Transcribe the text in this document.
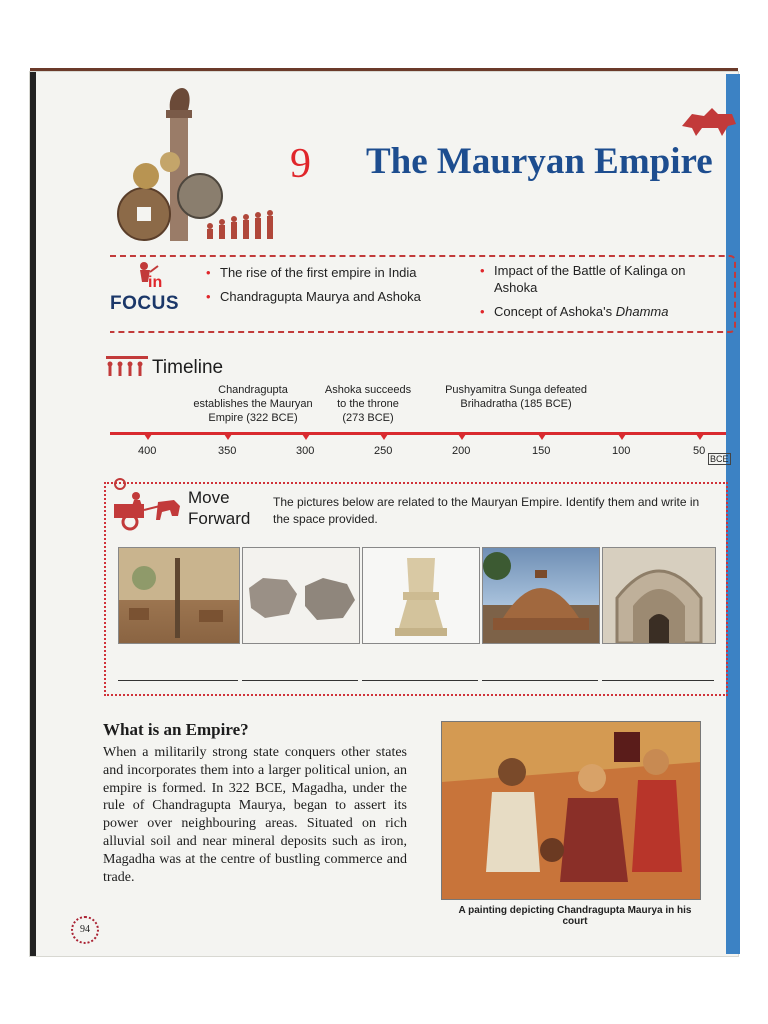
9 The Mauryan Empire
in
FOCUS
• The rise of the first empire in India
• Chandragupta Maurya and Ashoka
• Impact of the Battle of Kalinga on Ashoka
• Concept of Ashoka's Dhamma
Timeline
Chandragupta
establishes the Mauryan
Empire (322 BCE)
Ashoka succeeds
to the throne
(273 BCE)
Pushyamitra Sunga defeated
Brihadratha (185 BCE)
400	350	300	250	200	150	100	50
BCE
Move
Forward
The pictures below are related to the Mauryan Empire. Identify them and write in the space provided.
What is an Empire?
When a militarily strong state conquers other states and incorporates them into a larger political union, an empire is formed. In 322 BCE, Magadha, under the rule of Chandragupta Maurya, began to assert its power over neighbouring areas. Situated on rich alluvial soil and near mineral deposits such as iron, Magadha was at the centre of bustling commerce and trade.
A painting depicting Chandragupta Maurya in his court
94
